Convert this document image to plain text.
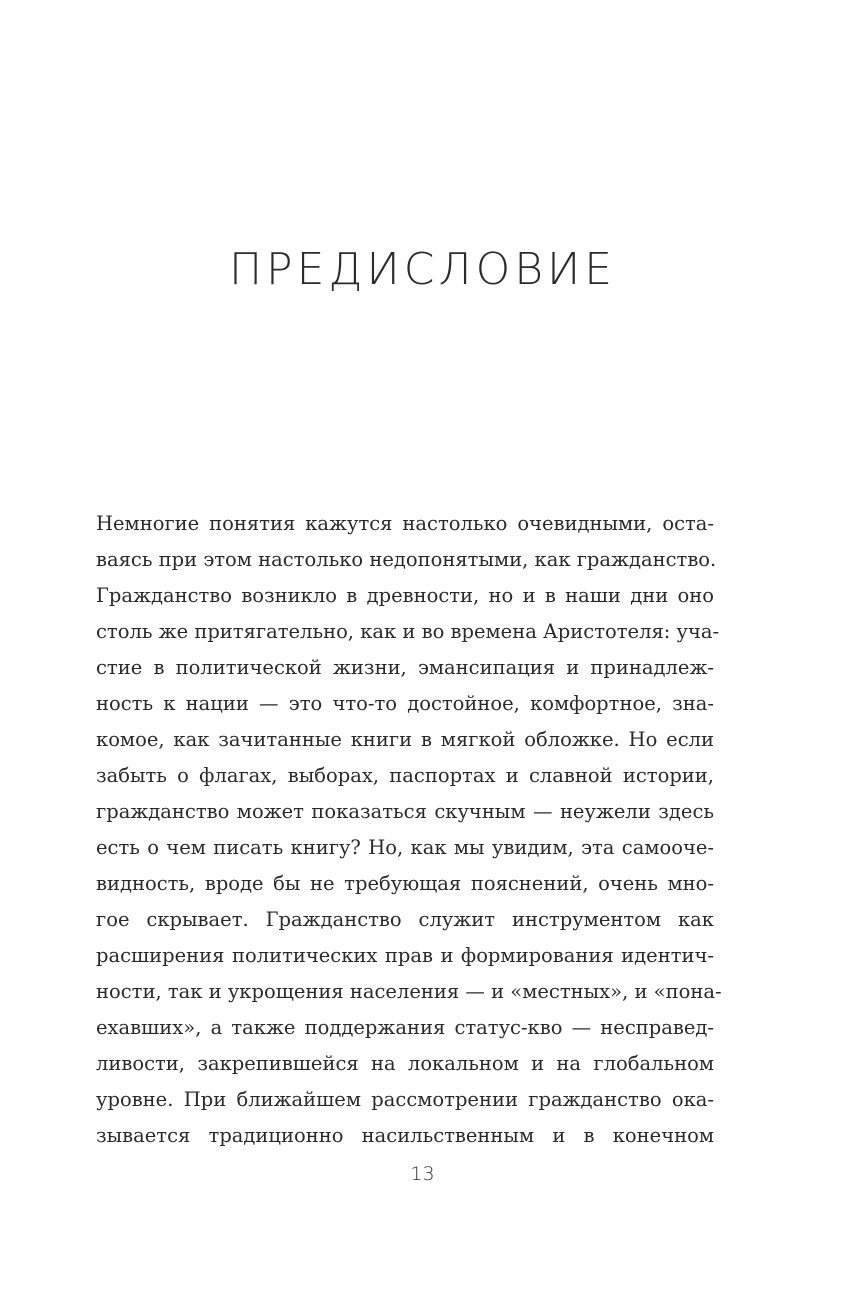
ПРЕДИСЛОВИЕ
Немногие понятия кажутся настолько очевидными, оста-
ваясь при этом настолько недопонятыми, как гражданство.
Гражданство возникло в древности, но и в наши дни оно
столь же притягательно, как и во времена Аристотеля: уча-
стие в политической жизни, эмансипация и принадлеж-
ность к нации — это что-то достойное, комфортное, зна-
комое, как зачитанные книги в мягкой обложке. Но если
забыть о флагах, выборах, паспортах и славной истории,
гражданство может показаться скучным — неужели здесь
есть о чем писать книгу? Но, как мы увидим, эта самооче-
видность, вроде бы не требующая пояснений, очень мно-
гое скрывает. Гражданство служит инструментом как
расширения политических прав и формирования идентич-
ности, так и укрощения населения — и «местных», и «пона-
ехавших», а также поддержания статус-кво — несправед-
ливости, закрепившейся на локальном и на глобальном
уровне. При ближайшем рассмотрении гражданство ока-
зывается традиционно насильственным и в конечном
13
